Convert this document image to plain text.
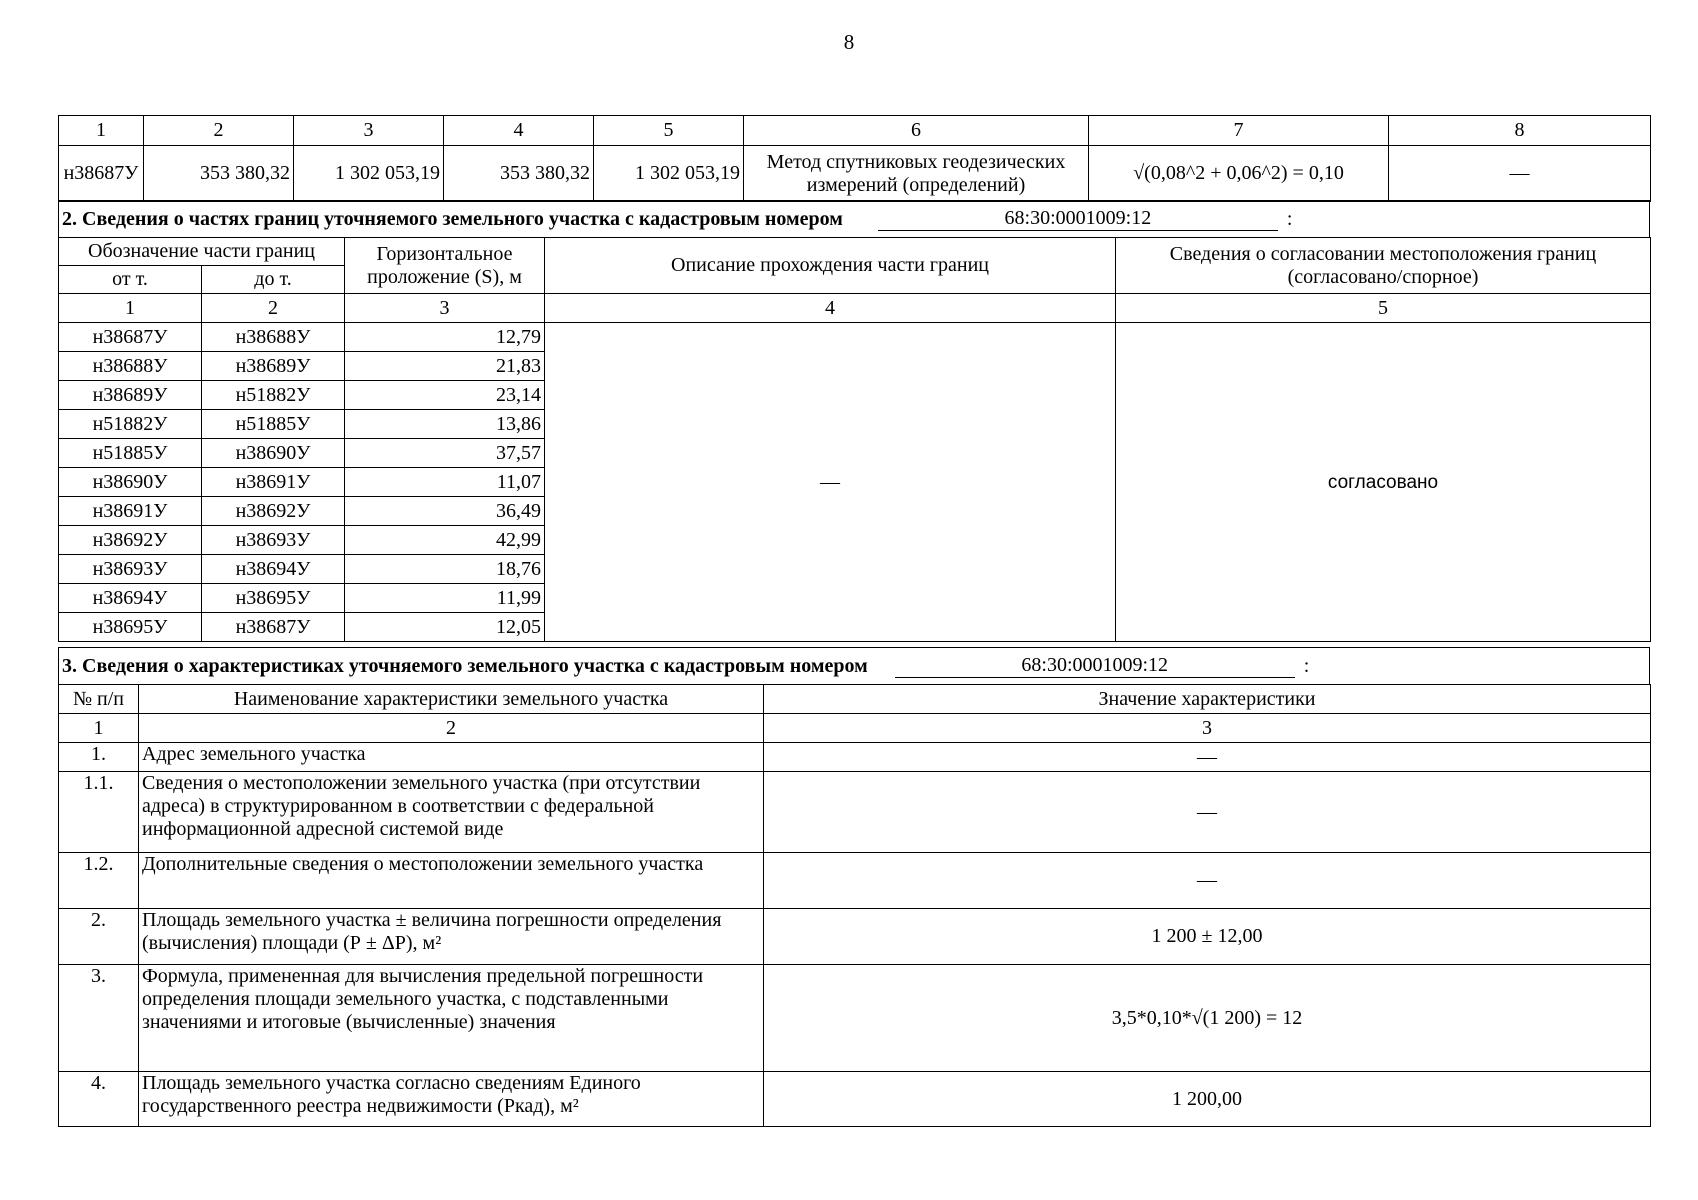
8
1	2	3	4	5	6	7	8
н38687У	353 380,32	1 302 053,19	353 380,32	1 302 053,19	Метод спутниковых геодезических измерений (определений)	√(0,08^2 + 0,06^2) = 0,10	—
2. Сведения о частях границ уточняемого земельного участка с кадастровым номером	68:30:0001009:12	:
Обозначение части границ		Горизонтальное проложение (S), м	Описание прохождения части границ	Сведения о согласовании местоположения границ (согласовано/спорное)
от т.	до т.			
1	2	3	4	5
н38687У	н38688У	12,79	—	согласовано
н38688У	н38689У	21,83		
н38689У	н51882У	23,14		
н51882У	н51885У	13,86		
н51885У	н38690У	37,57		
н38690У	н38691У	11,07		
н38691У	н38692У	36,49		
н38692У	н38693У	42,99		
н38693У	н38694У	18,76		
н38694У	н38695У	11,99		
н38695У	н38687У	12,05		
3. Сведения о характеристиках уточняемого земельного участка с кадастровым номером	68:30:0001009:12	:
№ п/п	Наименование характеристики земельного участка	Значение характеристики
1	2	3
1.	Адрес земельного участка	—
1.1.	Сведения о местоположении земельного участка (при отсутствии адреса) в структурированном в соответствии с федеральной информационной адресной системой виде	—
1.2.	Дополнительные сведения о местоположении земельного участка	—
2.	Площадь земельного участка ± величина погрешности определения (вычисления) площади (Р ± ΔР), м²	1 200 ± 12,00
3.	Формула, примененная для вычисления предельной погрешности определения площади земельного участка, с подставленными значениями и итоговые (вычисленные) значения	3,5*0,10*√(1 200) = 12
4.	Площадь земельного участка согласно сведениям Единого государственного реестра недвижимости (Ркад), м²	1 200,00
